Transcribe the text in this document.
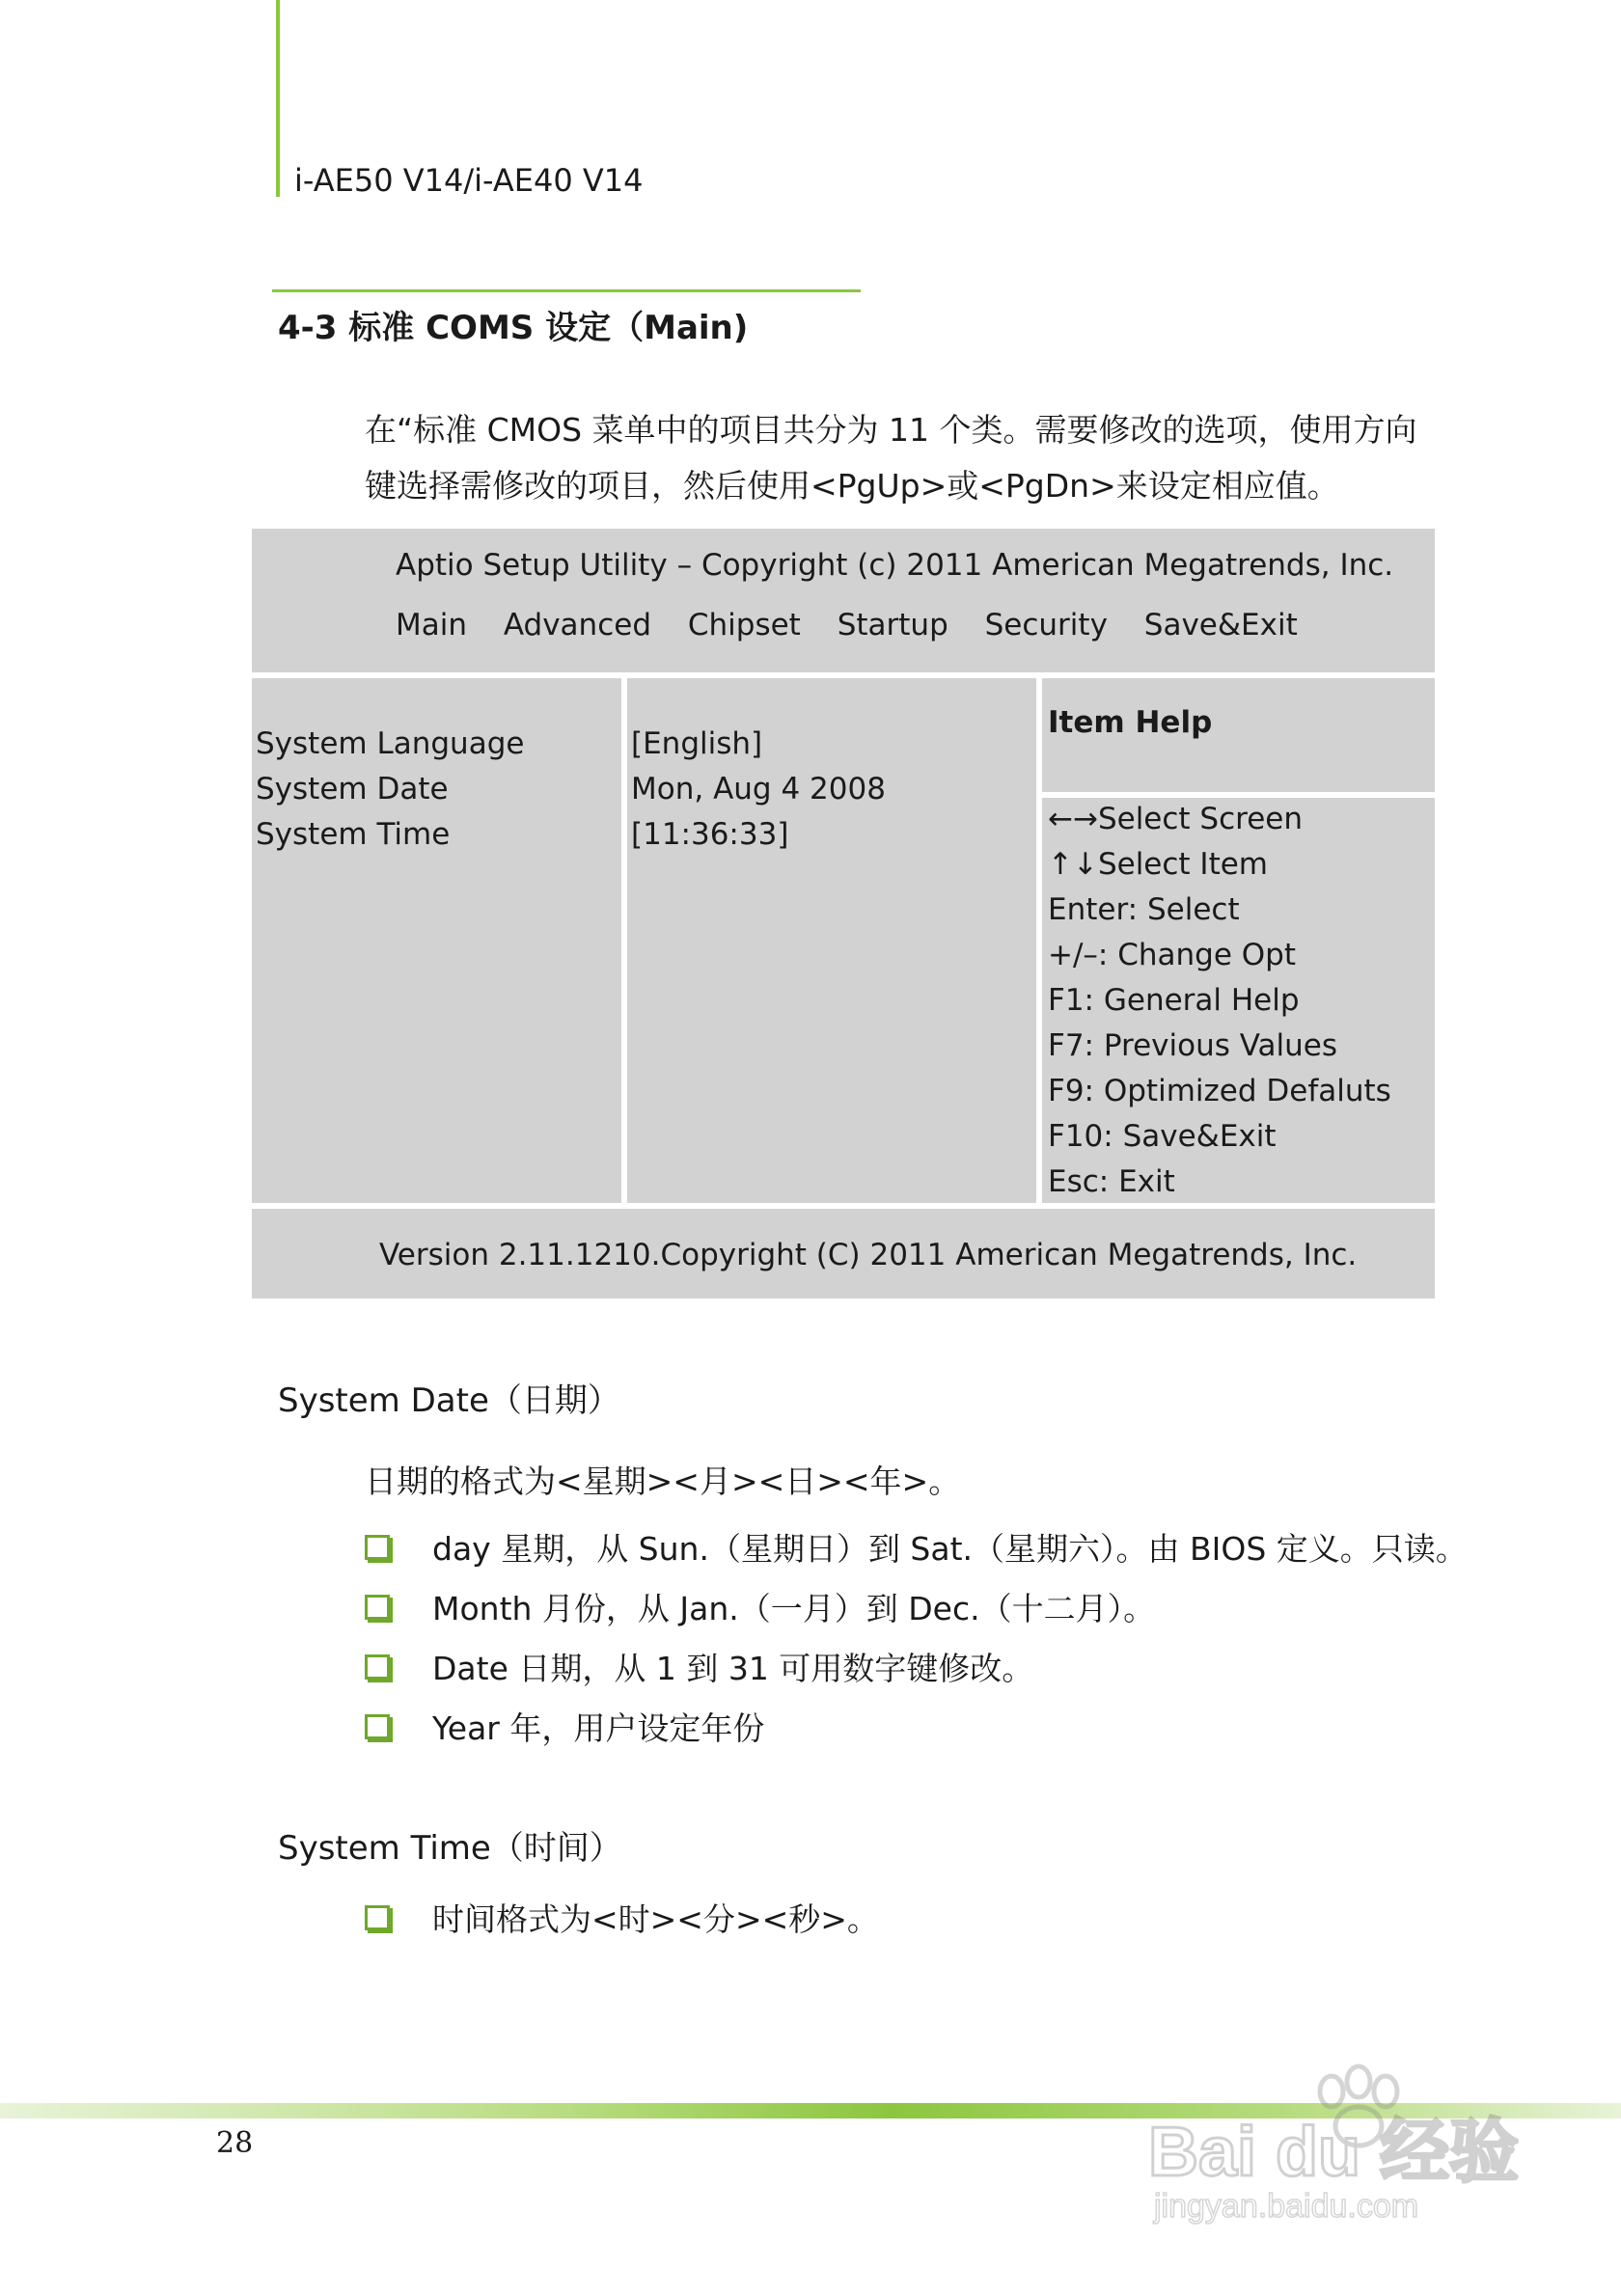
i-AE50 V14/i-AE40 V14
4-3 标准 COMS 设定（Main)
在“标准 CMOS 菜单中的项目共分为 11 个类。需要修改的选项，使用方向
键选择需修改的项目，然后使用<PgUp>或<PgDn>来设定相应值。
Aptio Setup Utility – Copyright (c) 2011 American Megatrends, Inc.
Main Advanced Chipset Startup Security Save&Exit
System Language
System Date
System Time
[English]
Mon, Aug 4 2008
[11:36:33]
Item Help
←→Select Screen
↑↓Select Item
Enter: Select
+/–: Change Opt
F1: General Help
F7: Previous Values
F9: Optimized Defaluts
F10: Save&Exit
Esc: Exit
Version 2.11.1210.Copyright (C) 2011 American Megatrends, Inc.
System Date（日期）
日期的格式为<星期><月><日><年>。
day 星期，从 Sun.（星期日）到 Sat.（星期六）。由 BIOS 定义。只读。
Month 月份，从 Jan.（一月）到 Dec.（十二月）。
Date 日期，从 1 到 31 可用数字键修改。
Year 年，用户设定年份
System Time（时间）
时间格式为<时><分><秒>。
28	Bai du 经验
jingyan.baidu.com
